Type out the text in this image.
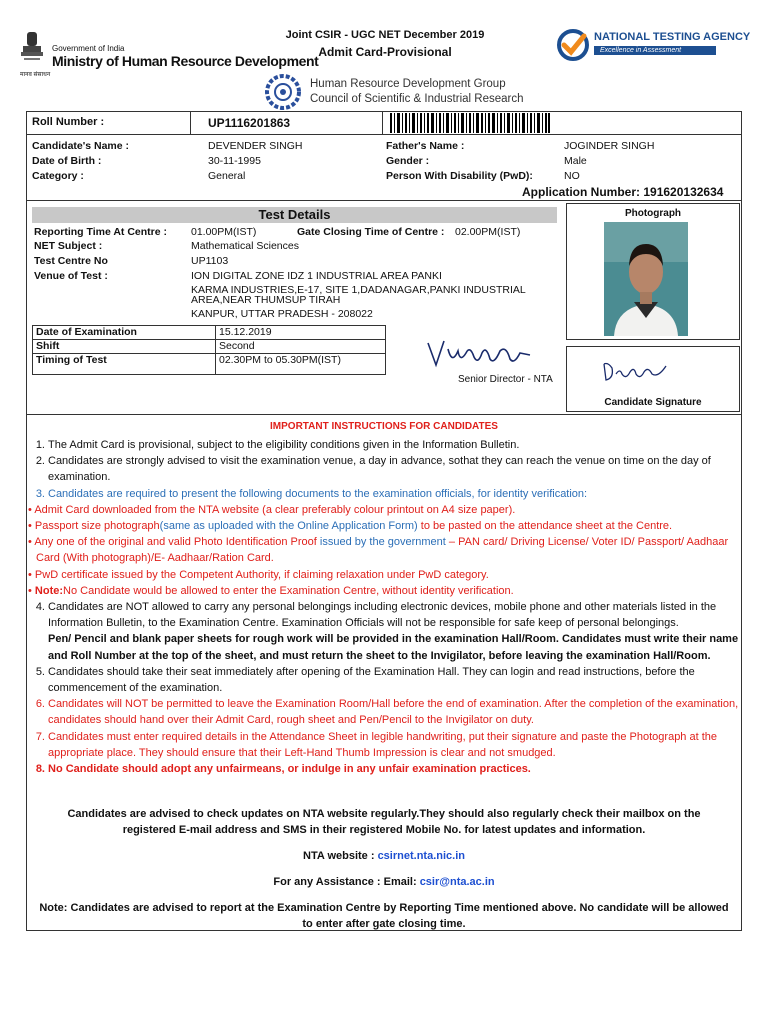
Government of India
Ministry of Human Resource Development
मानव संसाधन
Joint CSIR - UGC NET December 2019
Admit Card-Provisional
NATIONAL TESTING AGENCY
Excellence in Assessment
Human Resource Development Group
Council of Scientific & Industrial Research
Roll Number :	UP1116201863
Candidate's Name :	DEVENDER SINGH	Father's Name :	JOGINDER SINGH
Date of Birth :	30-11-1995	Gender :	Male
Category :	General	Person With Disability (PwD):	NO
Application Number: 191620132634
Test Details
Reporting Time At Centre : 01.00PM(IST)	Gate Closing Time of Centre : 02.00PM(IST)
NET Subject :	Mathematical Sciences
Test Centre No	UP1103
Venue of Test :	ION DIGITAL ZONE IDZ 1 INDUSTRIAL AREA PANKI
KARMA INDUSTRIES,E-17, SITE 1,DADANAGAR,PANKI INDUSTRIAL
AREA,NEAR THUMSUP TIRAH
KANPUR, UTTAR PRADESH - 208022
Date of Examination	15.12.2019
Shift	Second
Timing of Test	02.30PM to 05.30PM(IST)
Senior Director - NTA
Photograph
Candidate Signature
IMPORTANT INSTRUCTIONS FOR CANDIDATES
1. The Admit Card is provisional, subject to the eligibility conditions given in the Information Bulletin.
2. Candidates are strongly advised to visit the examination venue, a day in advance, sothat they can reach the venue on time on the day of examination.
3. Candidates are required to present the following documents to the examination officials, for identity verification:
• Admit Card downloaded from the NTA website (a clear preferably colour printout on A4 size paper).
• Passport size photograph(same as uploaded with the Online Application Form) to be pasted on the attendance sheet at the Centre.
• Any one of the original and valid Photo Identification Proof issued by the government – PAN card/ Driving License/ Voter ID/ Passport/ Aadhaar Card (With photograph)/E- Aadhaar/Ration Card.
• PwD certificate issued by the Competent Authority, if claiming relaxation under PwD category.
• Note:No Candidate would be allowed to enter the Examination Centre, without identity verification.
4. Candidates are NOT allowed to carry any personal belongings including electronic devices, mobile phone and other materials listed in the Information Bulletin, to the Examination Centre. Examination Officials will not be responsible for safe keep of personal belongings.
Pen/ Pencil and blank paper sheets for rough work will be provided in the examination Hall/Room. Candidates must write their name and Roll Number at the top of the sheet, and must return the sheet to the Invigilator, before leaving the examination Hall/Room.
5. Candidates should take their seat immediately after opening of the Examination Hall. They can login and read instructions, before the commencement of the examination.
6. Candidates will NOT be permitted to leave the Examination Room/Hall before the end of examination. After the completion of the examination, candidates should hand over their Admit Card, rough sheet and Pen/Pencil to the Invigilator on duty.
7. Candidates must enter required details in the Attendance Sheet in legible handwriting, put their signature and paste the Photograph at the appropriate place. They should ensure that their Left-Hand Thumb Impression is clear and not smudged.
8. No Candidate should adopt any unfairmeans, or indulge in any unfair examination practices.
Candidates are advised to check updates on NTA website regularly.They should also regularly check their mailbox on the registered E-mail address and SMS in their registered Mobile No. for latest updates and information.
NTA website : csirnet.nta.nic.in
For any Assistance : Email: csir@nta.ac.in
Note: Candidates are advised to report at the Examination Centre by Reporting Time mentioned above. No candidate will be allowed to enter after gate closing time.
